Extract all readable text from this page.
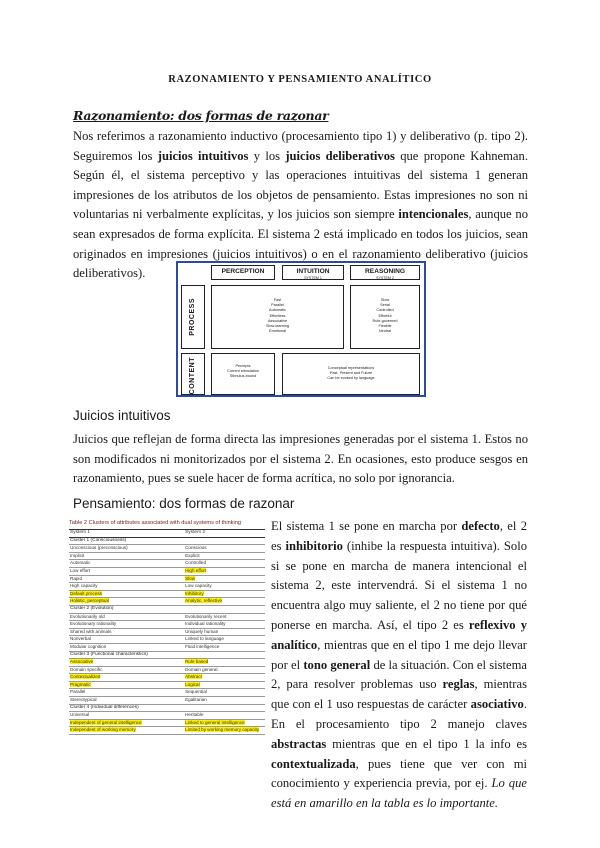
RAZONAMIENTO Y PENSAMIENTO ANALÍTICO
Razonamiento: dos formas de razonar
Nos referimos a razonamiento inductivo (procesamiento tipo 1) y deliberativo (p. tipo 2). Seguiremos los juicios intuitivos y los juicios deliberativos que propone Kahneman. Según él, el sistema perceptivo y las operaciones intuitivas del sistema 1 generan impresiones de los atributos de los objetos de pensamiento. Estas impresiones no son ni voluntarias ni verbalmente explícitas, y los juicios son siempre intencionales, aunque no sean expresados de forma explícita. El sistema 2 está implicado en todos los juicios, sean originados en impresiones (juicios intuitivos) o en el razonamiento deliberativo (juicios deliberativos).	PERCEPTION	INTUITION
SYSTEM 1
REASONING
SYSTEM 2
PROCESS
CONTENT
Fast
Parallel
Automatic
Effortless
Associative
Slow-learning
Emotional
Slow
Serial
Controlled
Effortful
Rule-governed
Flexible
Neutral
Percepts
Current stimulation
Stimulus-bound
Conceptual representations
Past, Present and Future
Can be evoked by language
Juicios intuitivos
Juicios que reflejan de forma directa las impresiones generadas por el sistema 1. Estos no son modificados ni monitorizados por el sistema 2. En ocasiones, esto produce sesgos en razonamiento, pues se suele hacer de forma acrítica, no solo por ignorancia.
Pensamiento: dos formas de razonar
Table 2 Clusters of attributes associated with dual systems of thinking
System 1	System 2
Cluster 1 (Consciousness)	
Unconscious (preconscious)	Conscious
Implicit	Explicit
Automatic	Controlled
Low effort	High effort
Rapid	Slow
High capacity	Low capacity
Default process	Inhibitory
Holistic, perceptual	Analytic, reflective
Cluster 2 (Evolution)	
Evolutionarily old	Evolutionarily recent
Evolutionary rationality	Individual rationality
Shared with animals	Uniquely human
Nonverbal	Linked to language
Modular cognition	Fluid intelligence
Cluster 3 (Functional characteristics)	
Associative	Rule based
Domain specific	Domain general
Contextualized	Abstract
Pragmatic	Logical
Parallel	Sequential
Stereotypical	Egalitarian
Cluster 4 (Individual differences)	
Universal	Heritable
Independent of general intelligence	Linked to general intelligence
Independent of working memory	Limited by working memory capacity
El sistema 1 se pone en marcha por defecto, el 2 es inhibitorio (inhibe la respuesta intuitiva). Solo si se pone en marcha de manera intencional el sistema 2, este intervendrá. Si el sistema 1 no encuentra algo muy saliente, el 2 no tiene por qué ponerse en marcha. Así, el tipo 2 es reflexivo y analítico, mientras que en el tipo 1 me dejo llevar por el tono general de la situación. Con el sistema 2, para resolver problemas uso reglas, mientras que con el 1 uso respuestas de carácter asociativo. En el procesamiento tipo 2 manejo claves abstractas mientras que en el tipo 1 la info es contextualizada, pues tiene que ver con mi conocimiento y experiencia previa, por ej. Lo que está en amarillo en la tabla es lo importante.
